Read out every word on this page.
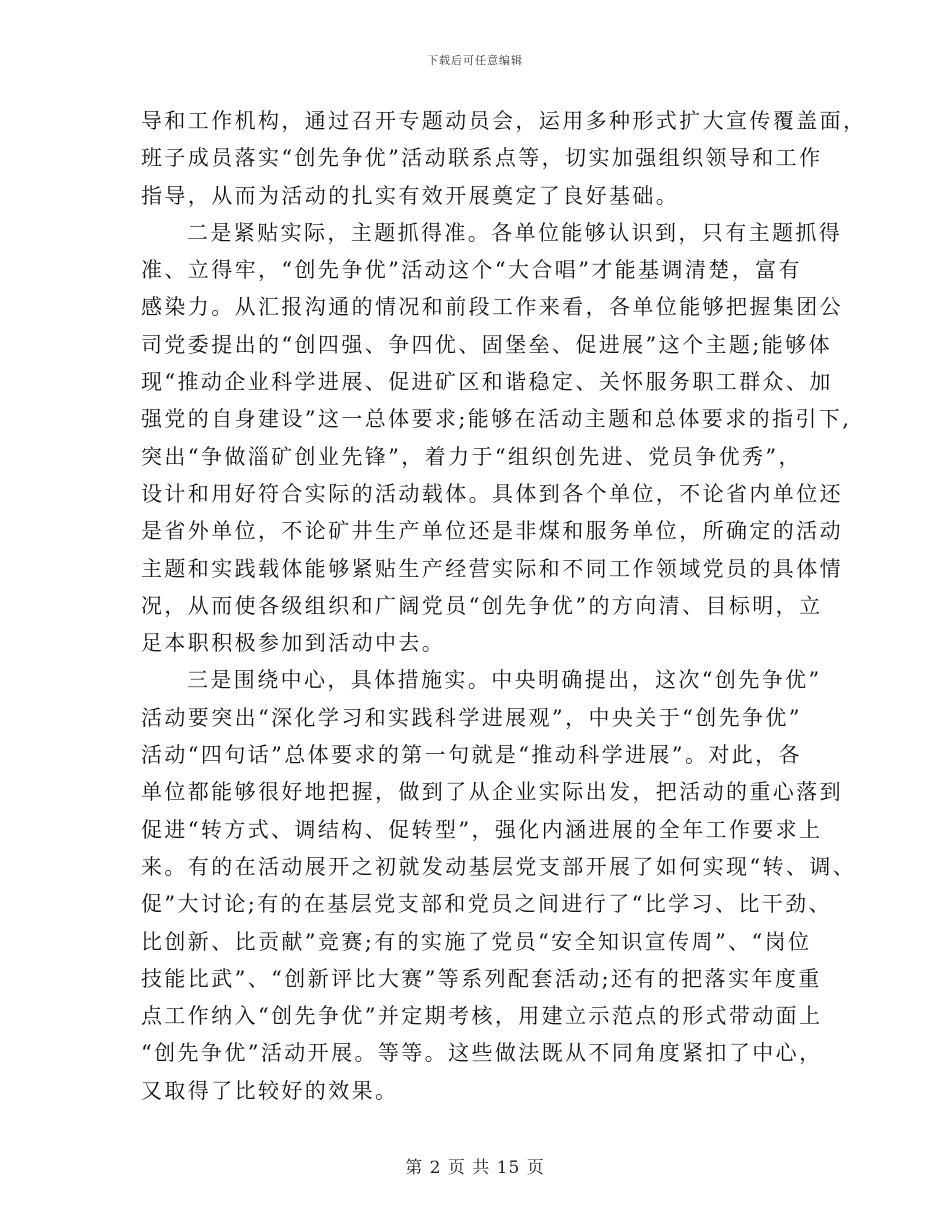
下载后可任意编辑
导和工作机构，通过召开专题动员会，运用多种形式扩大宣传覆盖面，
班子成员落实“创先争优”活动联系点等，切实加强组织领导和工作
指导，从而为活动的扎实有效开展奠定了良好基础。
二是紧贴实际，主题抓得准。各单位能够认识到，只有主题抓得
准、立得牢，“创先争优”活动这个“大合唱”才能基调清楚，富有
感染力。从汇报沟通的情况和前段工作来看，各单位能够把握集团公
司党委提出的“创四强、争四优、固堡垒、促进展”这个主题;能够体
现“推动企业科学进展、促进矿区和谐稳定、关怀服务职工群众、加
强党的自身建设”这一总体要求;能够在活动主题和总体要求的指引下,
突出“争做淄矿创业先锋”，着力于“组织创先进、党员争优秀”，
设计和用好符合实际的活动载体。具体到各个单位，不论省内单位还
是省外单位，不论矿井生产单位还是非煤和服务单位，所确定的活动
主题和实践载体能够紧贴生产经营实际和不同工作领域党员的具体情
况，从而使各级组织和广阔党员“创先争优”的方向清、目标明，立
足本职积极参加到活动中去。
三是围绕中心，具体措施实。中央明确提出，这次“创先争优”
活动要突出“深化学习和实践科学进展观”，中央关于“创先争优”
活动“四句话”总体要求的第一句就是“推动科学进展”。对此，各
单位都能够很好地把握，做到了从企业实际出发，把活动的重心落到
促进“转方式、调结构、促转型”，强化内涵进展的全年工作要求上
来。有的在活动展开之初就发动基层党支部开展了如何实现“转、调、
促”大讨论;有的在基层党支部和党员之间进行了“比学习、比干劲、
比创新、比贡献”竞赛;有的实施了党员“安全知识宣传周”、“岗位
技能比武”、“创新评比大赛”等系列配套活动;还有的把落实年度重
点工作纳入“创先争优”并定期考核，用建立示范点的形式带动面上
“创先争优”活动开展。等等。这些做法既从不同角度紧扣了中心，
又取得了比较好的效果。
第 2 页 共 15 页
